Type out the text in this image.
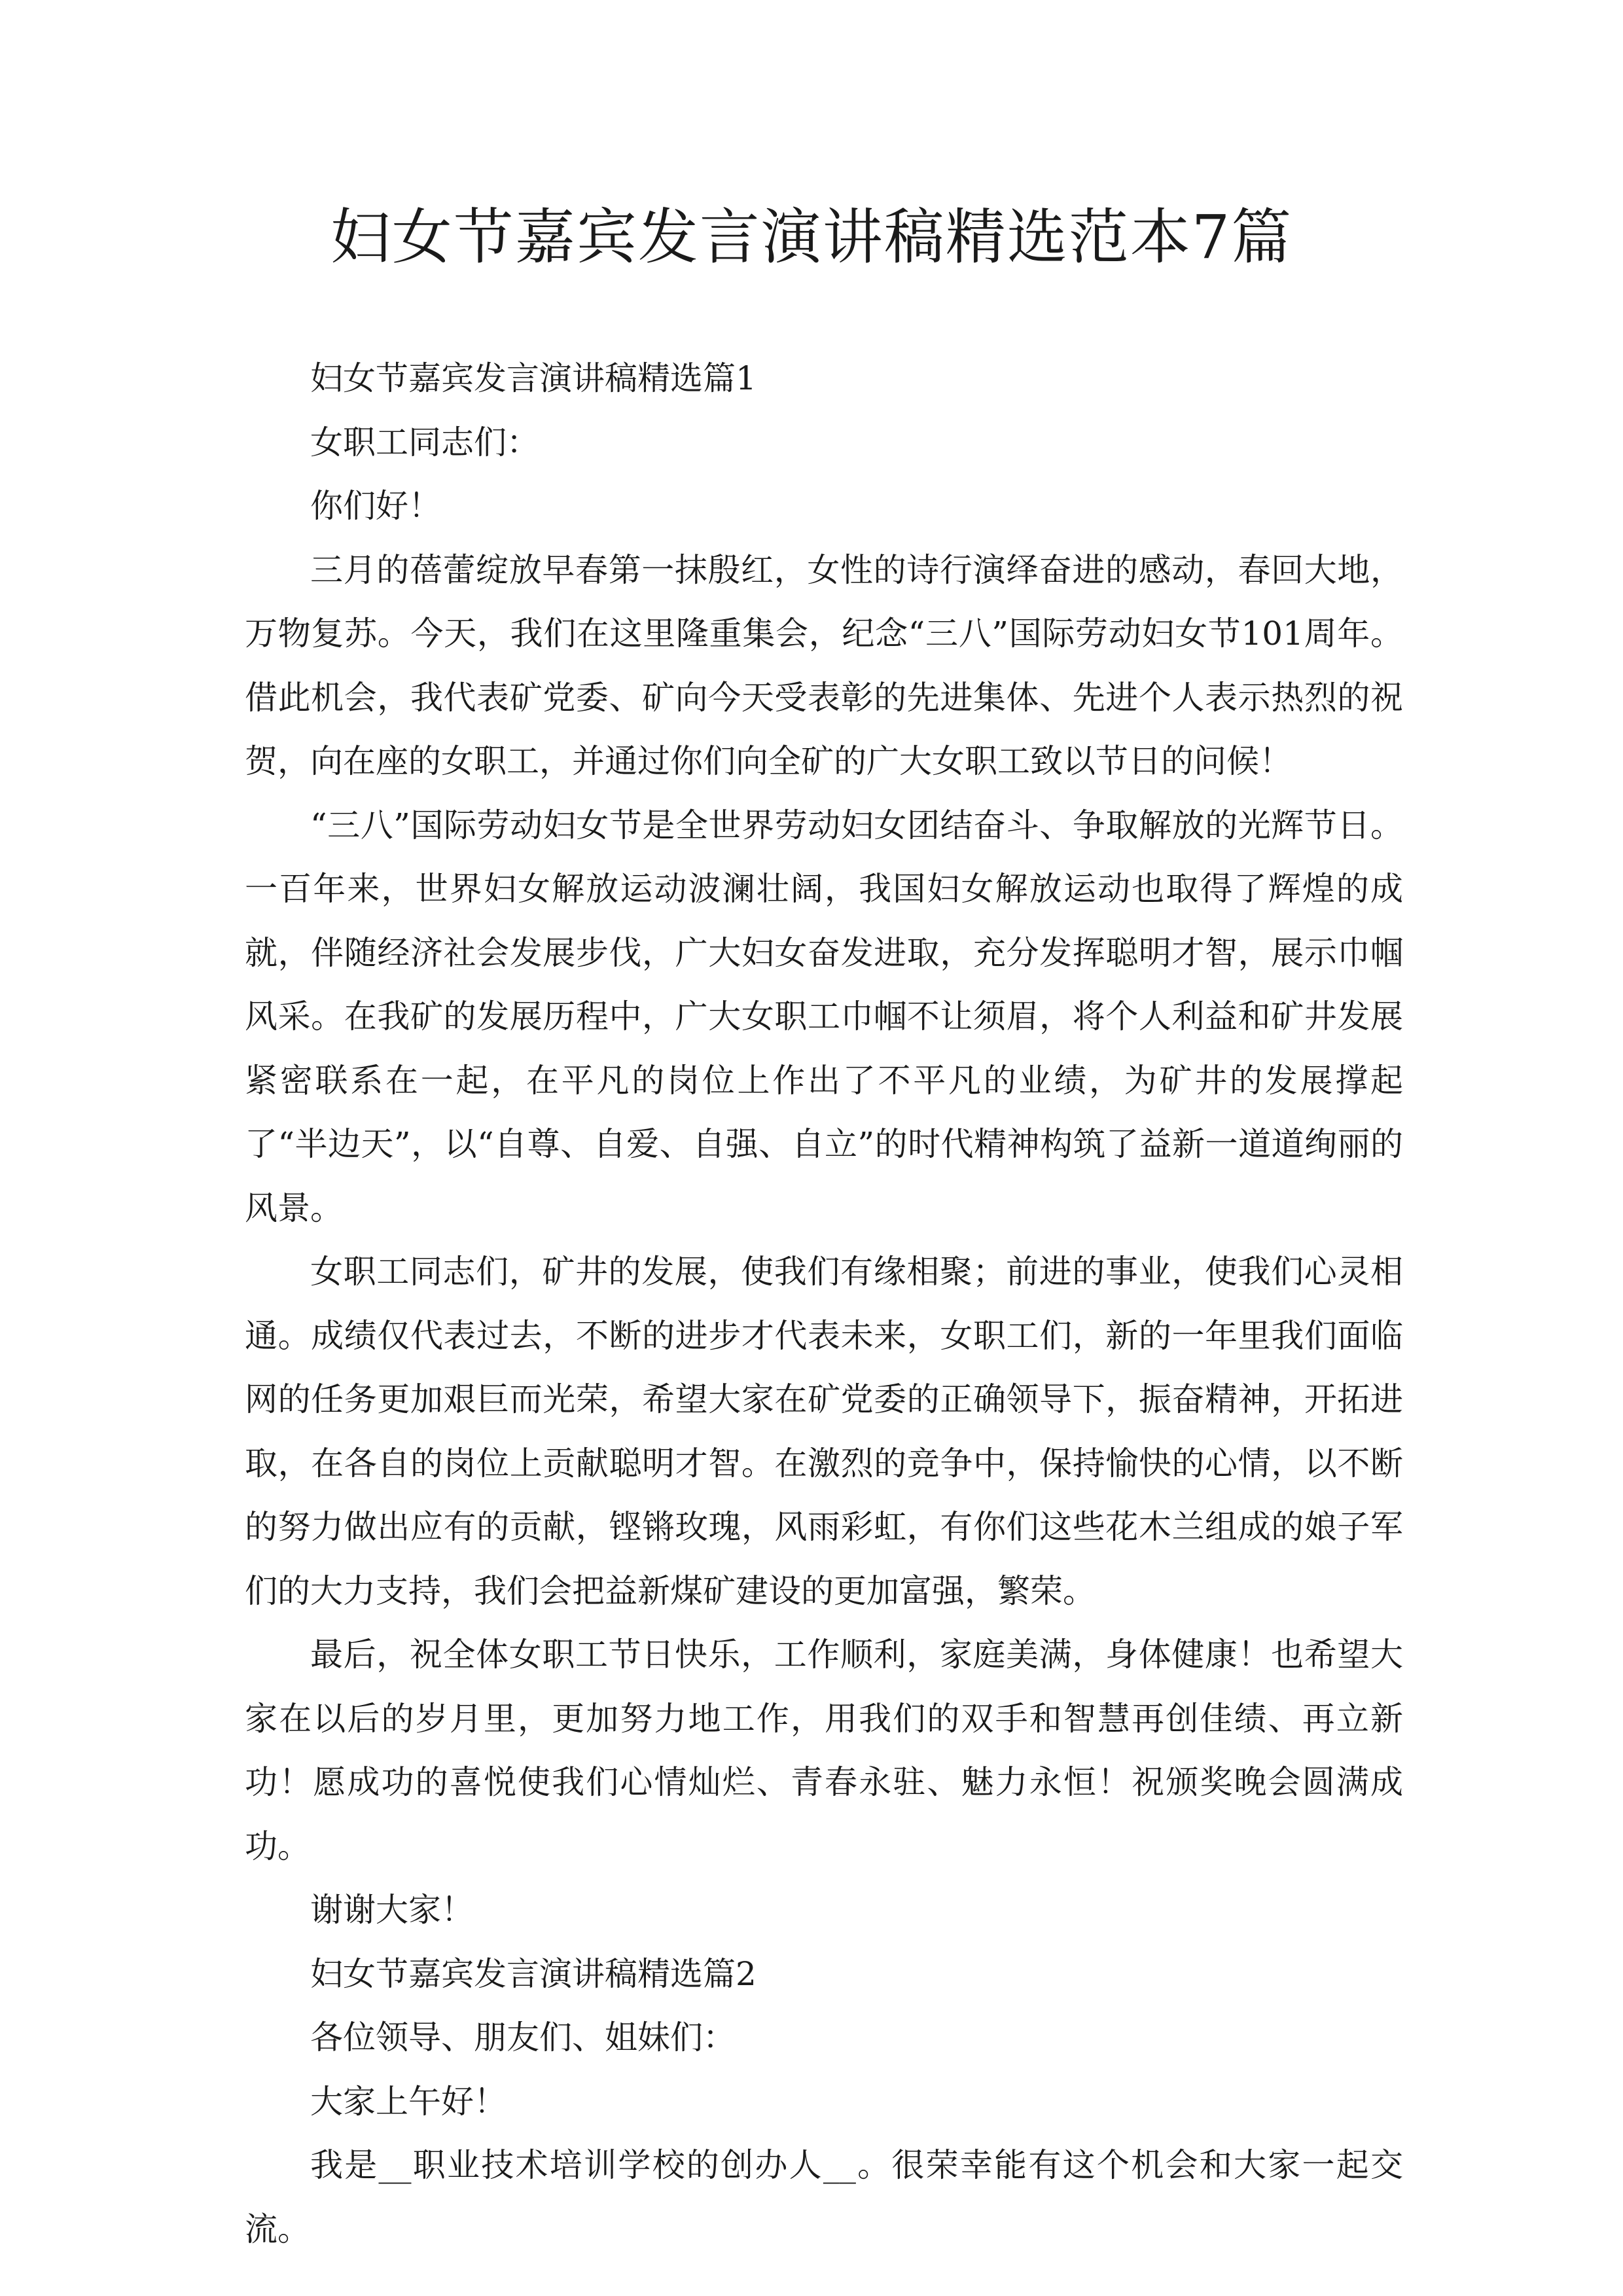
妇女节嘉宾发言演讲稿精选范本7篇

妇女节嘉宾发言演讲稿精选篇1

女职工同志们：

你们好！

三月的蓓蕾绽放早春第一抹殷红，女性的诗行演绎奋进的感动，春回大地，万物复苏。今天，我们在这里隆重集会，纪念“三八”国际劳动妇女节101周年。借此机会，我代表矿党委、矿向今天受表彰的先进集体、先进个人表示热烈的祝贺，向在座的女职工，并通过你们向全矿的广大女职工致以节日的问候！

“三八”国际劳动妇女节是全世界劳动妇女团结奋斗、争取解放的光辉节日。一百年来，世界妇女解放运动波澜壮阔，我国妇女解放运动也取得了辉煌的成就，伴随经济社会发展步伐，广大妇女奋发进取，充分发挥聪明才智，展示巾帼风采。在我矿的发展历程中，广大女职工巾帼不让须眉，将个人利益和矿井发展紧密联系在一起，在平凡的岗位上作出了不平凡的业绩，为矿井的发展撑起了“半边天”，以“自尊、自爱、自强、自立”的时代精神构筑了益新一道道绚丽的风景。

女职工同志们，矿井的发展，使我们有缘相聚；前进的事业，使我们心灵相通。成绩仅代表过去，不断的进步才代表未来，女职工们，新的一年里我们面临网的任务更加艰巨而光荣，希望大家在矿党委的正确领导下，振奋精神，开拓进取，在各自的岗位上贡献聪明才智。在激烈的竞争中，保持愉快的心情，以不断的努力做出应有的贡献，铿锵玫瑰，风雨彩虹，有你们这些花木兰组成的娘子军们的大力支持，我们会把益新煤矿建设的更加富强，繁荣。

最后，祝全体女职工节日快乐，工作顺利，家庭美满，身体健康！也希望大家在以后的岁月里，更加努力地工作，用我们的双手和智慧再创佳绩、再立新功！愿成功的喜悦使我们心情灿烂、青春永驻、魅力永恒！祝颁奖晚会圆满成功。

谢谢大家！

妇女节嘉宾发言演讲稿精选篇2

各位领导、朋友们、姐妹们：

大家上午好！

我是__职业技术培训学校的创办人__。很荣幸能有这个机会和大家一起交流。
